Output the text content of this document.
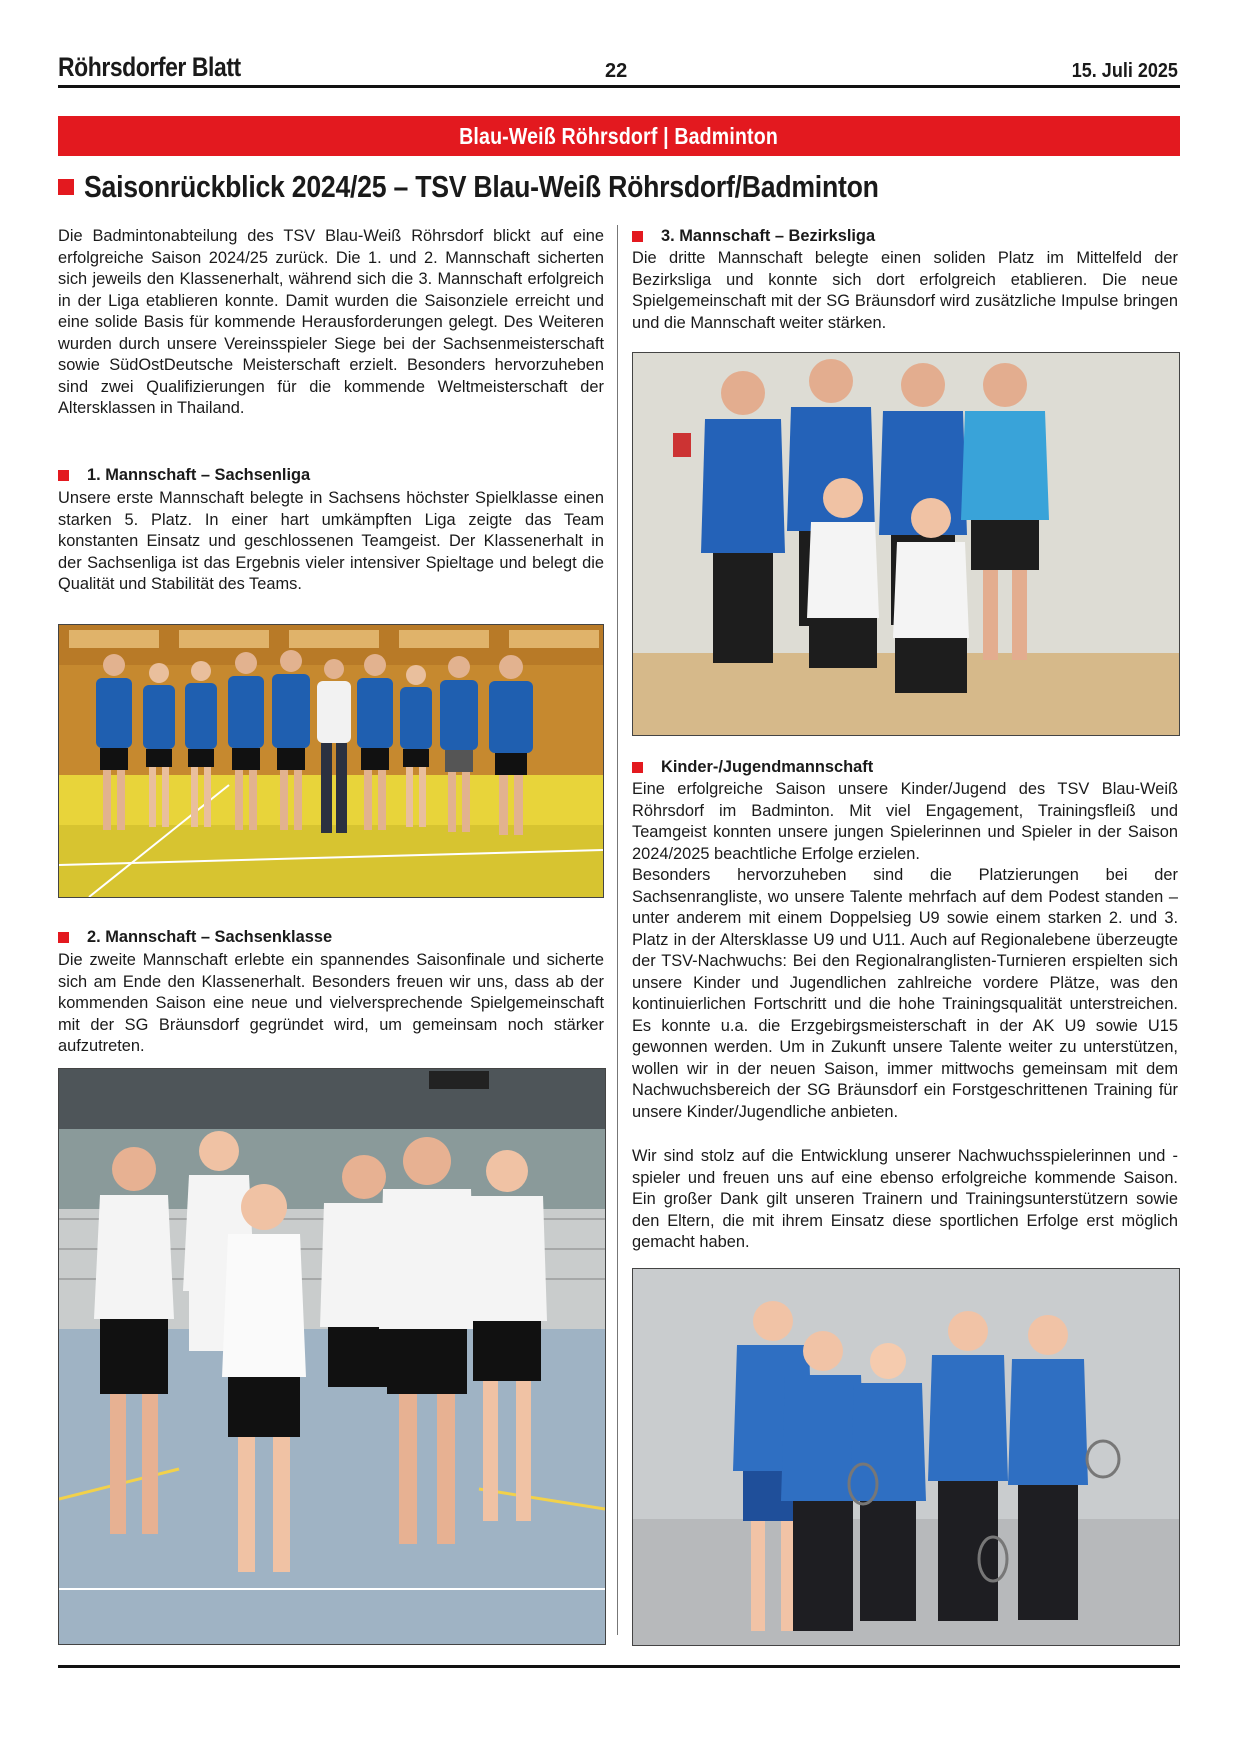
Röhrsdorfer Blatt	22	15. Juli 2025
Blau-Weiß Röhrsdorf | Badminton
Saisonrückblick 2024/25 – TSV Blau-Weiß Röhrsdorf/Badminton

Die Badmintonabteilung des TSV Blau-Weiß Röhrsdorf blickt auf eine erfolgreiche Saison 2024/25 zurück. Die 1. und 2. Mannschaft sicherten sich jeweils den Klassenerhalt, während sich die 3. Mannschaft erfolgreich in der Liga etablieren konnte. Damit wurden die Saisonziele erreicht und eine solide Basis für kommende Herausforderungen gelegt. Des Weiteren wurden durch unsere Vereinsspieler Siege bei der Sachsenmeisterschaft sowie SüdOstDeutsche Meisterschaft erzielt. Besonders hervorzuheben sind zwei Qualifizierungen für die kommende Weltmeisterschaft der Altersklassen in Thailand.

1. Mannschaft – Sachsenliga

Unsere erste Mannschaft belegte in Sachsens höchster Spielklasse einen starken 5. Platz. In einer hart umkämpften Liga zeigte das Team konstanten Einsatz und geschlossenen Teamgeist. Der Klassenerhalt in der Sachsenliga ist das Ergebnis vieler intensiver Spieltage und belegt die Qualität und Stabilität des Teams.

2. Mannschaft – Sachsenklasse

Die zweite Mannschaft erlebte ein spannendes Saisonfinale und sicherte sich am Ende den Klassenerhalt. Besonders freuen wir uns, dass ab der kommenden Saison eine neue und vielversprechende Spielgemeinschaft mit der SG Bräunsdorf gegründet wird, um gemeinsam noch stärker aufzutreten.

3. Mannschaft – Bezirksliga

Die dritte Mannschaft belegte einen soliden Platz im Mittelfeld der Bezirksliga und konnte sich dort erfolgreich etablieren. Die neue Spielgemeinschaft mit der SG Bräunsdorf wird zusätzliche Impulse bringen und die Mannschaft weiter stärken.

Kinder-/Jugendmannschaft

Eine erfolgreiche Saison unsere Kinder/Jugend des TSV Blau-Weiß Röhrsdorf im Badminton. Mit viel Engagement, Trainingsfleiß und Teamgeist konnten unsere jungen Spielerinnen und Spieler in der Saison 2024/2025 beachtliche Erfolge erzielen.

Besonders hervorzuheben sind die Platzierungen bei der Sachsenrangliste, wo unsere Talente mehrfach auf dem Podest standen – unter anderem mit einem Doppelsieg U9 sowie einem starken 2. und 3. Platz in der Altersklasse U9 und U11. Auch auf Regionalebene überzeugte der TSV-Nachwuchs: Bei den Regionalranglisten-Turnieren erspielten sich unsere Kinder und Jugendlichen zahlreiche vordere Plätze, was den kontinuierlichen Fortschritt und die hohe Trainingsqualität unterstreichen. Es konnte u.a. die Erzgebirgsmeisterschaft in der AK U9 sowie U15 gewonnen werden. Um in Zukunft unsere Talente weiter zu unterstützen, wollen wir in der neuen Saison, immer mittwochs gemeinsam mit dem Nachwuchsbereich der SG Bräunsdorf ein Forstgeschrittenen Training für unsere Kinder/Jugendliche anbieten.

Wir sind stolz auf die Entwicklung unserer Nachwuchsspielerinnen und -spieler und freuen uns auf eine ebenso erfolgreiche kommende Saison. Ein großer Dank gilt unseren Trainern und Trainingsunterstützern sowie den Eltern, die mit ihrem Einsatz diese sportlichen Erfolge erst möglich gemacht haben.
